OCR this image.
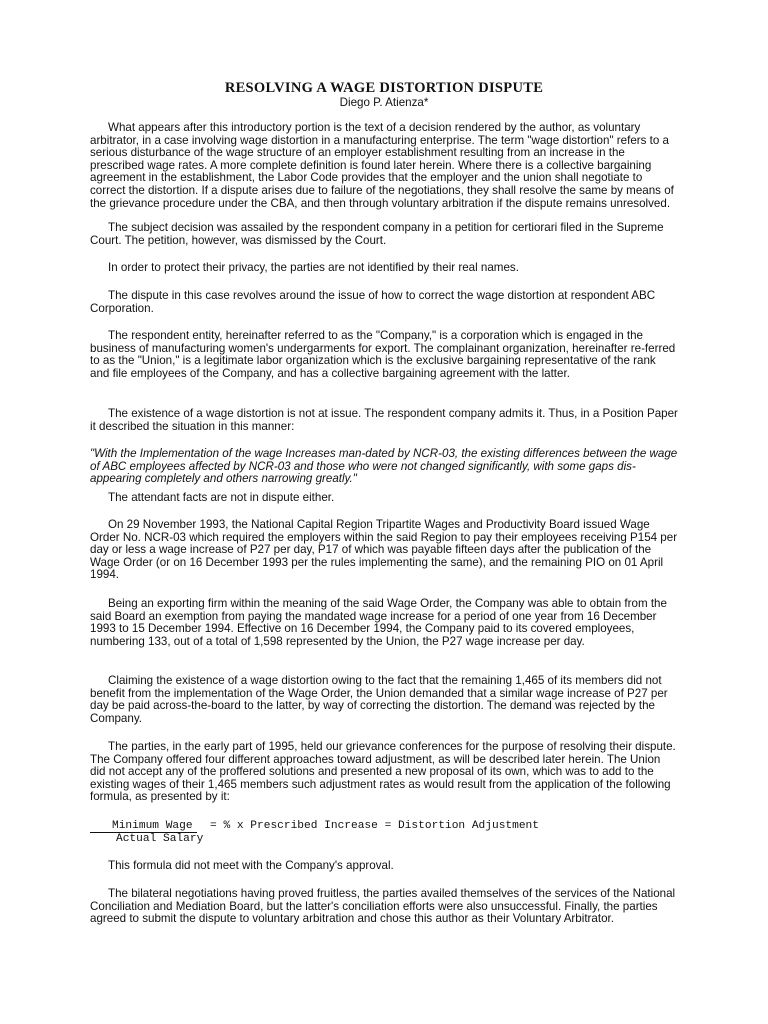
RESOLVING A WAGE DISTORTION DISPUTE
Diego P. Atienza*

What appears after this introductory portion is the text of a decision rendered by the author, as voluntary arbitrator, in a case involving wage distortion in a manufacturing enterprise. The term "wage distortion" refers to a serious disturbance of the wage structure of an employer establishment resulting from an increase in the prescribed wage rates. A more complete definition is found later herein. Where there is a collective bargaining agreement in the establishment, the Labor Code provides that the employer and the union shall negotiate to correct the distortion. If a dispute arises due to failure of the negotiations, they shall resolve the same by means of the grievance procedure under the CBA, and then through voluntary arbitration if the dispute remains unresolved.

The subject decision was assailed by the respondent company in a petition for certiorari filed in the Supreme Court. The petition, however, was dismissed by the Court.

In order to protect their privacy, the parties are not identified by their real names.

The dispute in this case revolves around the issue of how to correct the wage distortion at respondent ABC Corporation.

The respondent entity, hereinafter referred to as the "Company," is a corporation which is engaged in the business of manufacturing women's undergarments for export. The complainant organization, hereinafter re-ferred to as the "Union," is a legitimate labor organization which is the exclusive bargaining representative of the rank and file employees of the Company, and has a collective bargaining agreement with the latter.

The existence of a wage distortion is not at issue. The respondent company admits it. Thus, in a Position Paper it described the situation in this manner:

"With the Implementation of the wage Increases man-dated by NCR-03, the existing differences between the wage of ABC employees affected by NCR-03 and those who were not changed significantly, with some gaps dis-appearing completely and others narrowing greatly."

The attendant facts are not in dispute either.

On 29 November 1993, the National Capital Region Tripartite Wages and Productivity Board issued Wage Order No. NCR-03 which required the employers within the said Region to pay their employees receiving P154 per day or less a wage increase of P27 per day, P17 of which was payable fifteen days after the publication of the Wage Order (or on 16 December 1993 per the rules implementing the same), and the remaining PIO on 01 April 1994.

Being an exporting firm within the meaning of the said Wage Order, the Company was able to obtain from the said Board an exemption from paying the mandated wage increase for a period of one year from 16 December 1993 to 15 December 1994. Effective on 16 December 1994, the Company paid to its covered employees, numbering 133, out of a total of 1,598 represented by the Union, the P27 wage increase per day.

Claiming the existence of a wage distortion owing to the fact that the remaining 1,465 of its members did not benefit from the implementation of the Wage Order, the Union demanded that a similar wage increase of P27 per day be paid across-the-board to the latter, by way of correcting the distortion. The demand was rejected by the Company.

The parties, in the early part of 1995, held our grievance conferences for the purpose of resolving their dispute. The Company offered four different approaches toward adjustment, as will be described later herein. The Union did not accept any of the proffered solutions and presented a new proposal of its own, which was to add to the existing wages of their 1,465 members such adjustment rates as would result from the application of the following formula, as presented by it:

Minimum Wage = % x Prescribed Increase = Distortion Adjustment
Actual Salary

This formula did not meet with the Company's approval.

The bilateral negotiations having proved fruitless, the parties availed themselves of the services of the National Conciliation and Mediation Board, but the latter's conciliation efforts were also unsuccessful. Finally, the parties agreed to submit the dispute to voluntary arbitration and chose this author as their Voluntary Arbitrator.
